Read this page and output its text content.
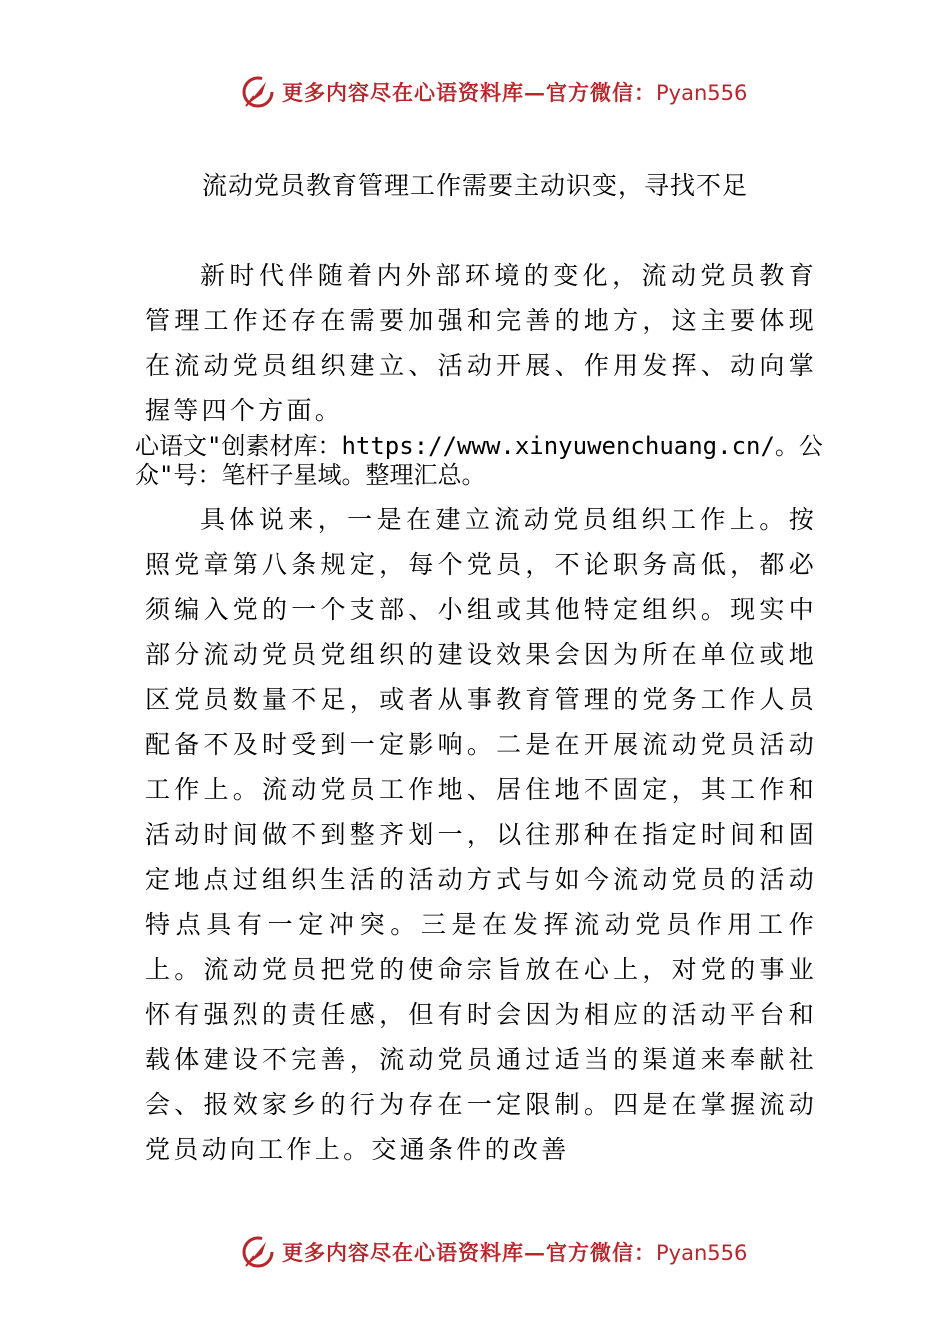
更多内容尽在心语资料库—官方微信：Pyan556
流动党员教育管理工作需要主动识变，寻找不足

新时代伴随着内外部环境的变化，流动党员教育管理工作还存在需要加强和完善的地方，这主要体现在流动党员组织建立、活动开展、作用发挥、动向掌握等四个方面。

心语文"创素材库：https://www.xinyuwenchuang.cn/。公众"号：笔杆子星域。整理汇总。

具体说来，一是在建立流动党员组织工作上。按照党章第八条规定，每个党员，不论职务高低，都必须编入党的一个支部、小组或其他特定组织。现实中部分流动党员党组织的建设效果会因为所在单位或地区党员数量不足，或者从事教育管理的党务工作人员配备不及时受到一定影响。二是在开展流动党员活动工作上。流动党员工作地、居住地不固定，其工作和活动时间做不到整齐划一，以往那种在指定时间和固定地点过组织生活的活动方式与如今流动党员的活动特点具有一定冲突。三是在发挥流动党员作用工作上。流动党员把党的使命宗旨放在心上，对党的事业怀有强烈的责任感，但有时会因为相应的活动平台和载体建设不完善，流动党员通过适当的渠道来奉献社会、报效家乡的行为存在一定限制。四是在掌握流动党员动向工作上。交通条件的改善

更多内容尽在心语资料库—官方微信：Pyan556
